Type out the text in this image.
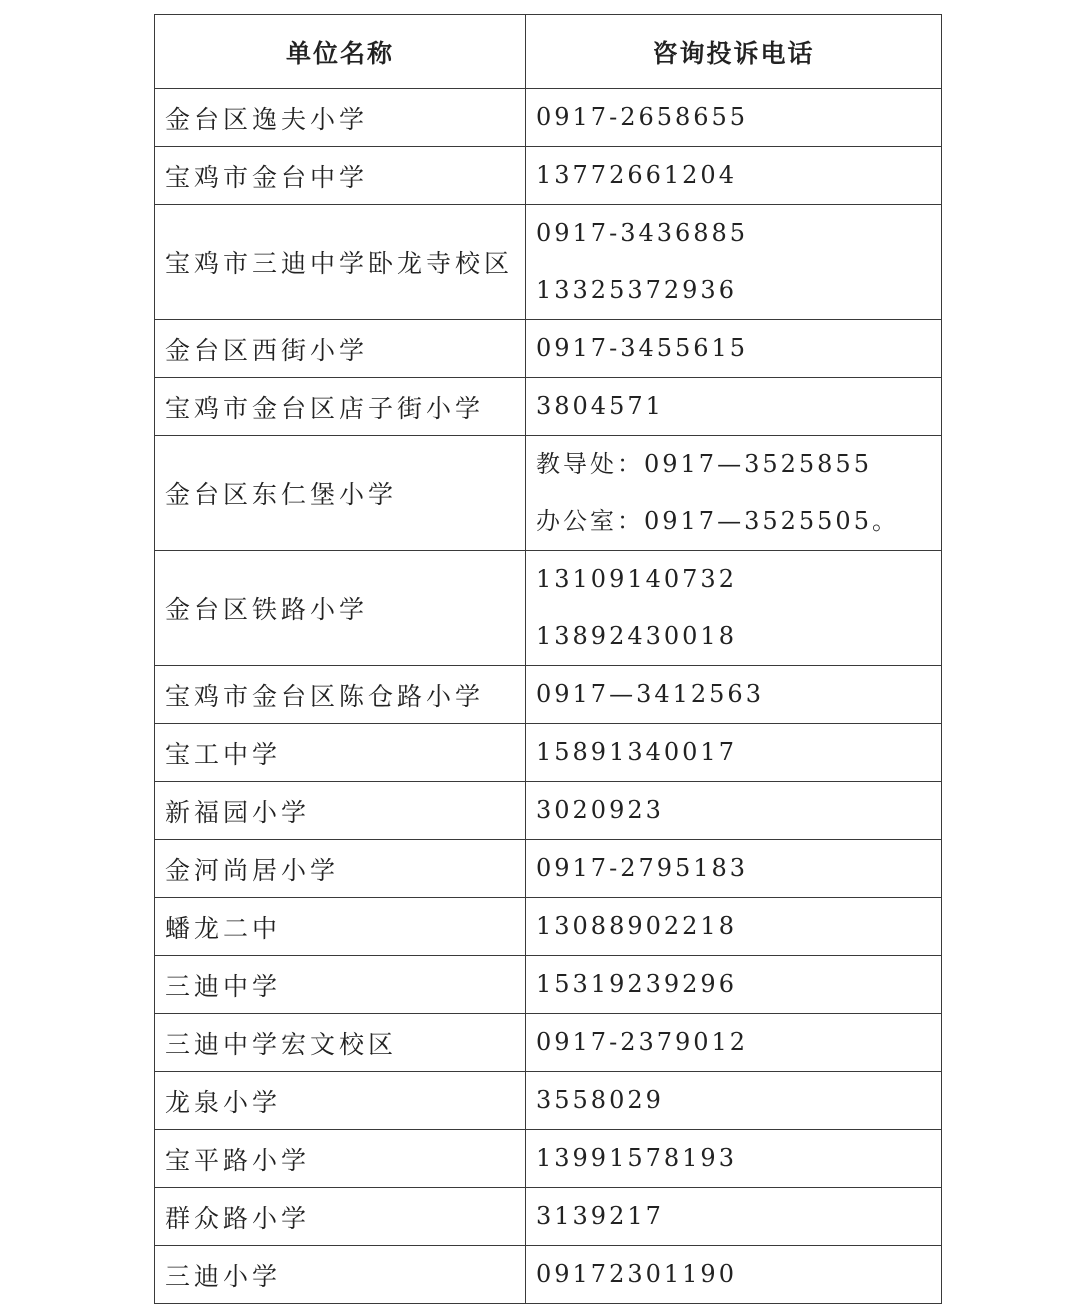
单位名称	咨询投诉电话
金台区逸夫小学	0917-2658655

宝鸡市金台中学	13772661204

宝鸡市三迪中学卧龙寺校区	0917-3436885
13325372936

金台区西街小学	0917-3455615

宝鸡市金台区店子街小学	3804571

金台区东仁堡小学	教导处：0917—3525855
办公室：0917—3525505。

金台区铁路小学	13109140732
13892430018

宝鸡市金台区陈仓路小学	0917—3412563

宝工中学	15891340017

新福园小学	3020923

金河尚居小学	0917-2795183

蟠龙二中	13088902218

三迪中学	15319239296

三迪中学宏文校区	0917-2379012

龙泉小学	3558029

宝平路小学	13991578193

群众路小学	3139217

三迪小学	09172301190
